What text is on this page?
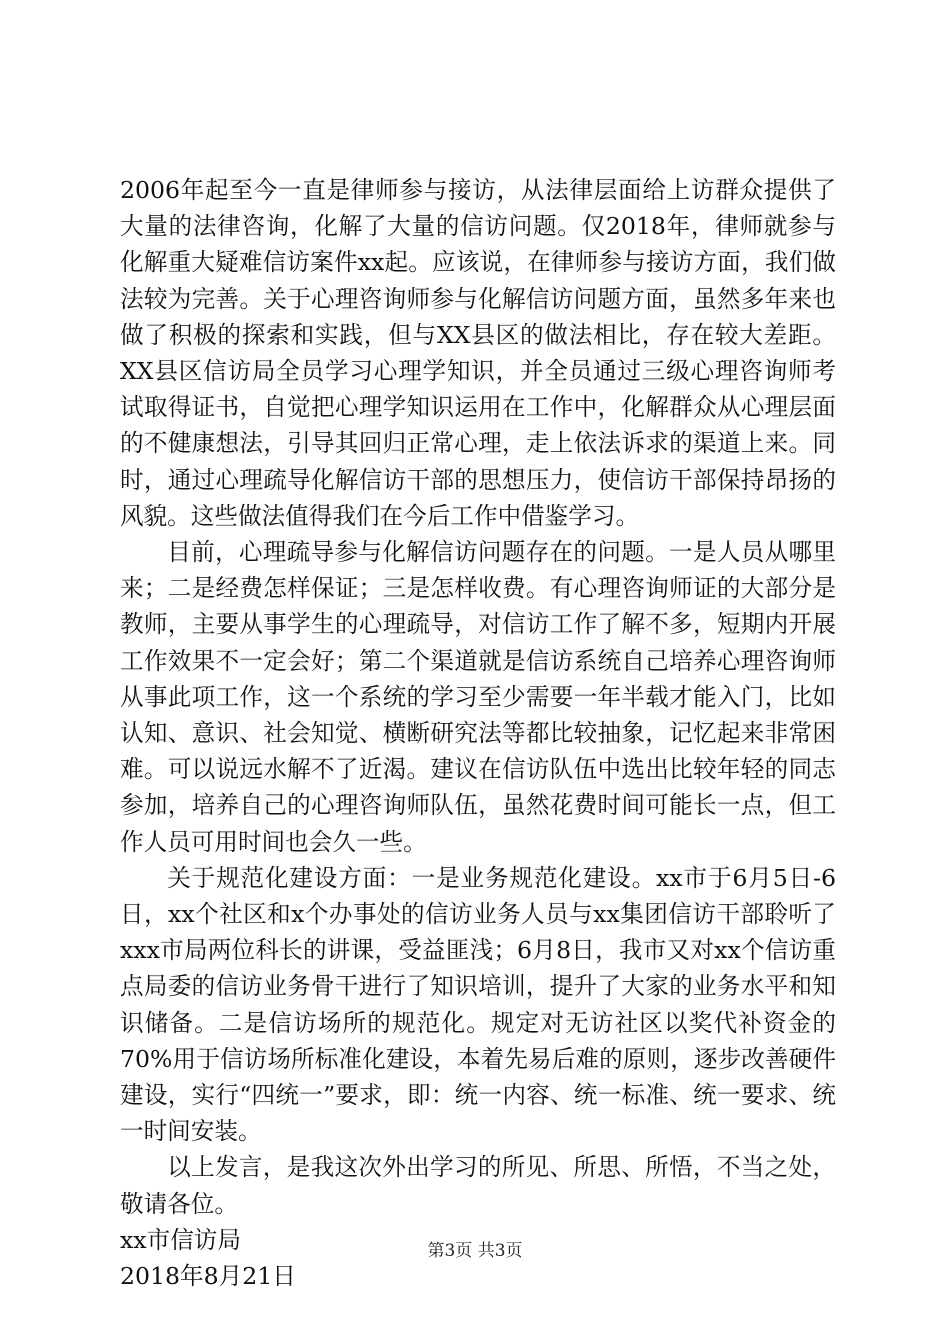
2006年起至今一直是律师参与接访，从法律层面给上访群众提供了大量的法律咨询，化解了大量的信访问题。仅2018年，律师就参与化解重大疑难信访案件xx起。应该说，在律师参与接访方面，我们做法较为完善。关于心理咨询师参与化解信访问题方面，虽然多年来也做了积极的探索和实践，但与XX县区的做法相比，存在较大差距。XX县区信访局全员学习心理学知识，并全员通过三级心理咨询师考试取得证书，自觉把心理学知识运用在工作中，化解群众从心理层面的不健康想法，引导其回归正常心理，走上依法诉求的渠道上来。同时，通过心理疏导化解信访干部的思想压力，使信访干部保持昂扬的风貌。这些做法值得我们在今后工作中借鉴学习。

目前，心理疏导参与化解信访问题存在的问题。一是人员从哪里来；二是经费怎样保证；三是怎样收费。有心理咨询师证的大部分是教师，主要从事学生的心理疏导，对信访工作了解不多，短期内开展工作效果不一定会好；第二个渠道就是信访系统自己培养心理咨询师从事此项工作，这一个系统的学习至少需要一年半载才能入门，比如认知、意识、社会知觉、横断研究法等都比较抽象，记忆起来非常困难。可以说远水解不了近渴。建议在信访队伍中选出比较年轻的同志参加，培养自己的心理咨询师队伍，虽然花费时间可能长一点，但工作人员可用时间也会久一些。

关于规范化建设方面：一是业务规范化建设。xx市于6月5日-6日，xx个社区和x个办事处的信访业务人员与xx集团信访干部聆听了xxx市局两位科长的讲课，受益匪浅；6月8日，我市又对xx个信访重点局委的信访业务骨干进行了知识培训，提升了大家的业务水平和知识储备。二是信访场所的规范化。规定对无访社区以奖代补资金的70%用于信访场所标准化建设，本着先易后难的原则，逐步改善硬件建设，实行“四统一”要求，即：统一内容、统一标准、统一要求、统一时间安装。

以上发言，是我这次外出学习的所见、所思、所悟，不当之处，敬请各位。

xx市信访局

2018年8月21日

第3页 共3页
